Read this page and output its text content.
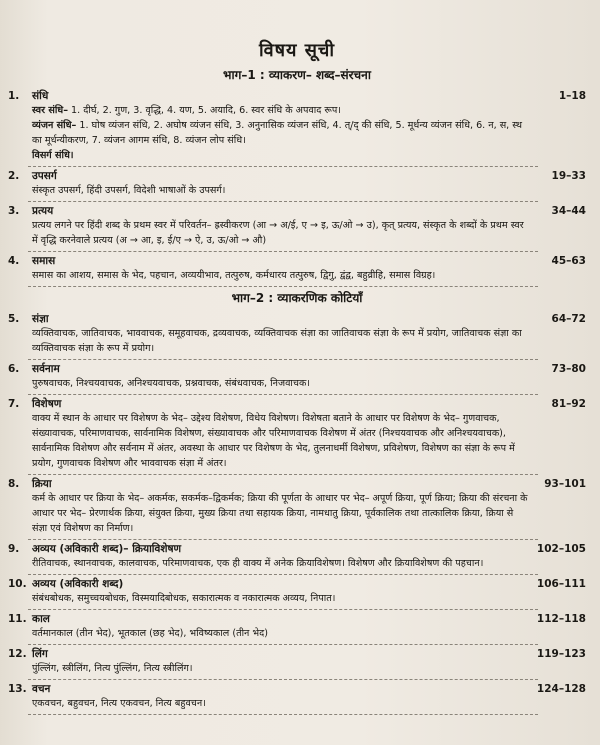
विषय सूची
भाग–1 : व्याकरण– शब्द–संरचना
1.	संधि	1–18

स्वर संधि– 1. दीर्घ, 2. गुण, 3. वृद्धि, 4. यण, 5. अयादि, 6. स्वर संधि के अपवाद रूप।

व्यंजन संधि– 1. घोष व्यंजन संधि, 2. अघोष व्यंजन संधि, 3. अनुनासिक व्यंजन संधि, 4. त्/द् की संधि, 5. मूर्धन्य व्यंजन संधि, 6. न, स, स्थ का मूर्धन्यीकरण, 7. व्यंजन आगम संधि, 8. व्यंजन लोप संधि।

विसर्ग संधि।

2.	उपसर्ग	19–33

संस्कृत उपसर्ग, हिंदी उपसर्ग, विदेशी भाषाओं के उपसर्ग।

3.	प्रत्यय	34–44

प्रत्यय लगने पर हिंदी शब्द के प्रथम स्वर में परिवर्तन– ह्रस्वीकरण (आ → अ/ई, ए → इ, ऊ/ओ → उ), कृत् प्रत्यय, संस्कृत के शब्दों के प्रथम स्वर में वृद्धि करनेवाले प्रत्यय (अ → आ, इ, ई/ए → ऐ, उ, ऊ/ओ → औ)

4.	समास	45–63

समास का आशय, समास के भेद, पहचान, अव्ययीभाव, तत्पुरुष, कर्मधारय तत्पुरुष, द्विगु, द्वंद्व, बहुव्रीहि, समास विग्रह।

भाग–2 : व्याकरणिक कोटियाँ
5.	संज्ञा	64–72

व्यक्तिवाचक, जातिवाचक, भाववाचक, समूहवाचक, द्रव्यवाचक, व्यक्तिवाचक संज्ञा का जातिवाचक संज्ञा के रूप में प्रयोग, जातिवाचक संज्ञा का व्यक्तिवाचक संज्ञा के रूप में प्रयोग।

6.	सर्वनाम	73–80

पुरुषवाचक, निश्चयवाचक, अनिश्चयवाचक, प्रश्नवाचक, संबंधवाचक, निजवाचक।

7.	विशेषण	81–92

वाक्य में स्थान के आधार पर विशेषण के भेद– उद्देश्य विशेषण, विधेय विशेषण। विशेषता बताने के आधार पर विशेषण के भेद– गुणवाचक, संख्यावाचक, परिमाणवाचक, सार्वनामिक विशेषण, संख्यावाचक और परिमाणवाचक विशेषण में अंतर (निश्चयवाचक और अनिश्चयवाचक), सार्वनामिक विशेषण और सर्वनाम में अंतर, अवस्था के आधार पर विशेषण के भेद, तुलनाधर्मी विशेषण, प्रविशेषण, विशेषण का संज्ञा के रूप में प्रयोग, गुणवाचक विशेषण और भाववाचक संज्ञा में अंतर।

8.	क्रिया	93–101

कर्म के आधार पर क्रिया के भेद– अकर्मक, सकर्मक–द्विकर्मक; क्रिया की पूर्णता के आधार पर भेद– अपूर्ण क्रिया, पूर्ण क्रिया; क्रिया की संरचना के आधार पर भेद– प्रेरणार्थक क्रिया, संयुक्त क्रिया, मुख्य क्रिया तथा सहायक क्रिया, नामधातु क्रिया, पूर्वकालिक तथा तात्कालिक क्रिया, क्रिया से संज्ञा एवं विशेषण का निर्माण।

9.	अव्यय (अविकारी शब्द)– क्रियाविशेषण	102–105

रीतिवाचक, स्थानवाचक, कालवाचक, परिमाणवाचक, एक ही वाक्य में अनेक क्रियाविशेषण। विशेषण और क्रियाविशेषण की पहचान।

10. अव्यय (अविकारी शब्द)	106–111

संबंधबोधक, समुच्चयबोधक, विस्मयादिबोधक, सकारात्मक व नकारात्मक अव्यय, निपात।

11. काल	112–118

वर्तमानकाल (तीन भेद), भूतकाल (छह भेद), भविष्यकाल (तीन भेद)

12. लिंग	119–123

पुंल्लिंग, स्त्रीलिंग, नित्य पुंल्लिंग, नित्य स्त्रीलिंग।

13. वचन	124–128

एकवचन, बहुवचन, नित्य एकवचन, नित्य बहुवचन।
